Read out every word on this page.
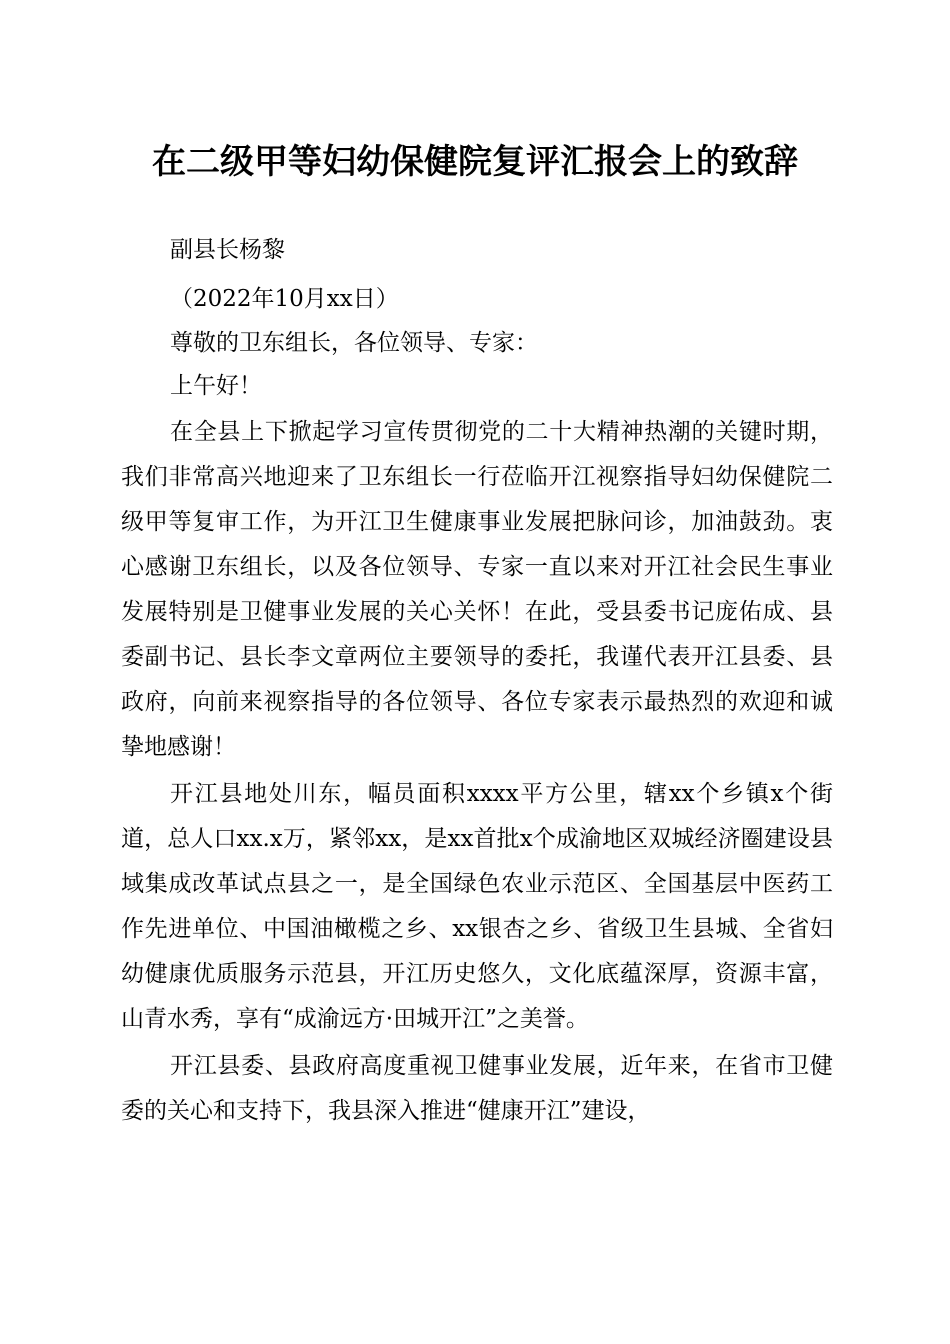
在二级甲等妇幼保健院复评汇报会上的致辞
副县长杨黎
（2022年10月xx日）
尊敬的卫东组长，各位领导、专家：
上午好！

在全县上下掀起学习宣传贯彻党的二十大精神热潮的关键时期，我们非常高兴地迎来了卫东组长一行莅临开江视察指导妇幼保健院二级甲等复审工作，为开江卫生健康事业发展把脉问诊，加油鼓劲。衷心感谢卫东组长，以及各位领导、专家一直以来对开江社会民生事业发展特别是卫健事业发展的关心关怀！在此，受县委书记庞佑成、县委副书记、县长李文章两位主要领导的委托，我谨代表开江县委、县政府，向前来视察指导的各位领导、各位专家表示最热烈的欢迎和诚挚地感谢！

开江县地处川东，幅员面积xxxx平方公里，辖xx个乡镇x个街道，总人口xx.x万，紧邻xx，是xx首批x个成渝地区双城经济圈建设县域集成改革试点县之一，是全国绿色农业示范区、全国基层中医药工作先进单位、中国油橄榄之乡、xx银杏之乡、省级卫生县城、全省妇幼健康优质服务示范县，开江历史悠久，文化底蕴深厚，资源丰富，山青水秀，享有“成渝远方·田城开江”之美誉。

开江县委、县政府高度重视卫健事业发展，近年来，在省市卫健委的关心和支持下，我县深入推进“健康开江”建设，
